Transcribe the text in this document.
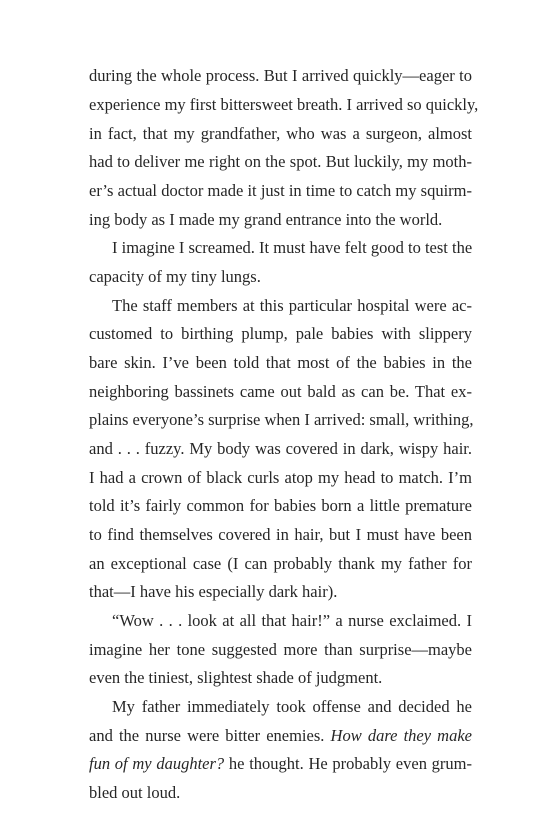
during the whole process. But I arrived quickly—eager to
experience my first bittersweet breath. I arrived so quickly,
in fact, that my grandfather, who was a surgeon, almost
had to deliver me right on the spot. But luckily, my moth-
er’s actual doctor made it just in time to catch my squirm-
ing body as I made my grand entrance into the world.
I imagine I screamed. It must have felt good to test the
capacity of my tiny lungs.
The staff members at this particular hospital were ac-
customed to birthing plump, pale babies with slippery
bare skin. I’ve been told that most of the babies in the
neighboring bassinets came out bald as can be. That ex-
plains everyone’s surprise when I arrived: small, writhing,
and . . . fuzzy. My body was covered in dark, wispy hair.
I had a crown of black curls atop my head to match. I’m
told it’s fairly common for babies born a little premature
to find themselves covered in hair, but I must have been
an exceptional case (I can probably thank my father for
that—I have his especially dark hair).
“Wow . . . look at all that hair!” a nurse exclaimed. I
imagine her tone suggested more than surprise—maybe
even the tiniest, slightest shade of judgment.
My father immediately took offense and decided he
and the nurse were bitter enemies. How dare they make
fun of my daughter? he thought. He probably even grum-
bled out loud.
